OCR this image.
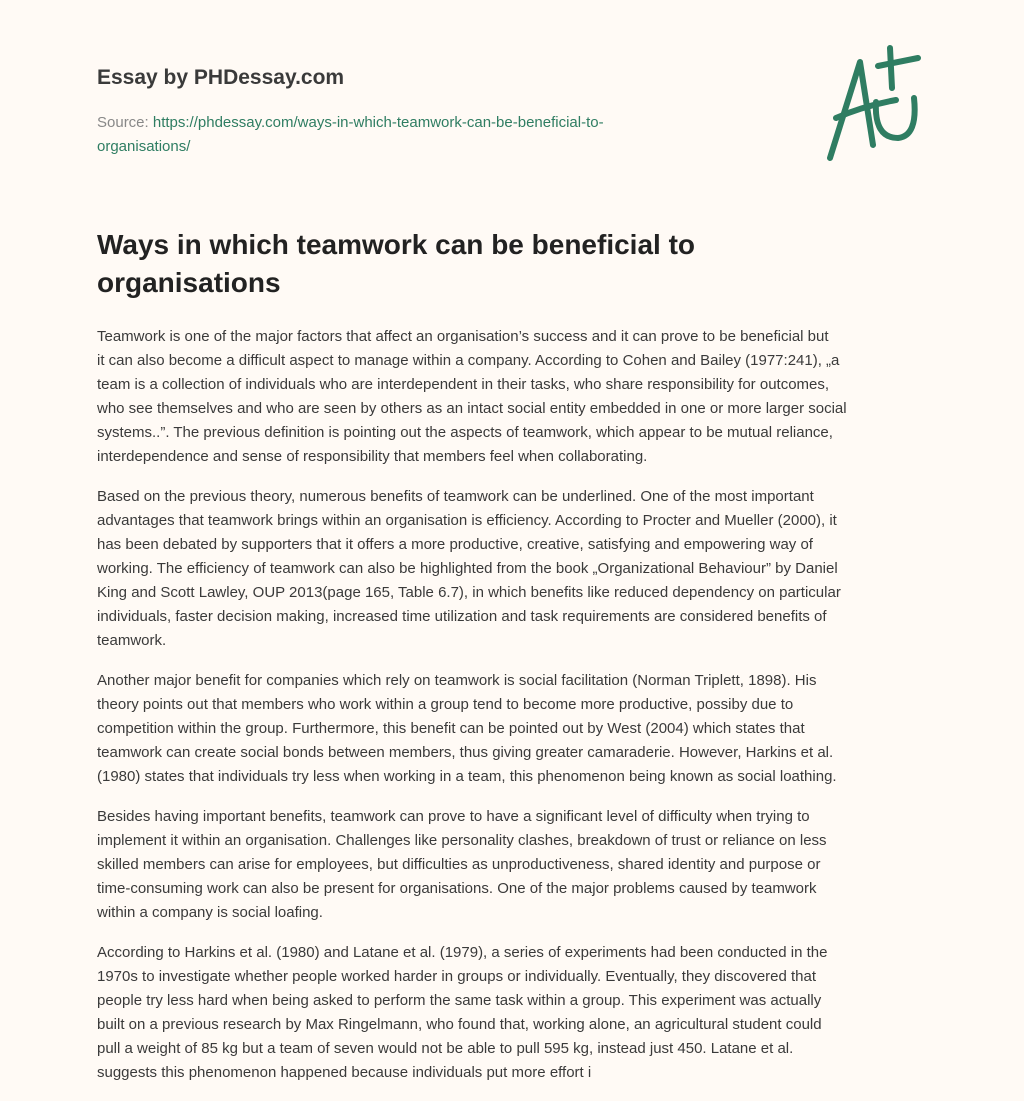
Essay by PHDessay.com
Source: https://phdessay.com/ways-in-which-teamwork-can-be-beneficial-to-
organisations/
Ways in which teamwork can be beneficial to
organisations

Teamwork is one of the major factors that affect an organisation’s success and it can prove to be beneficial but
it can also become a difficult aspect to manage within a company. According to Cohen and Bailey (1977:241), „a
team is a collection of individuals who are interdependent in their tasks, who share responsibility for outcomes,
who see themselves and who are seen by others as an intact social entity embedded in one or more larger social
systems..”. The previous definition is pointing out the aspects of teamwork, which appear to be mutual reliance,
interdependence and sense of responsibility that members feel when collaborating.

Based on the previous theory, numerous benefits of teamwork can be underlined. One of the most important
advantages that teamwork brings within an organisation is efficiency. According to Procter and Mueller (2000), it
has been debated by supporters that it offers a more productive, creative, satisfying and empowering way of
working. The efficiency of teamwork can also be highlighted from the book „Organizational Behaviour” by Daniel
King and Scott Lawley, OUP 2013(page 165, Table 6.7), in which benefits like reduced dependency on particular
individuals, faster decision making, increased time utilization and task requirements are considered benefits of
teamwork.

Another major benefit for companies which rely on teamwork is social facilitation (Norman Triplett, 1898). His
theory points out that members who work within a group tend to become more productive, possiby due to
competition within the group. Furthermore, this benefit can be pointed out by West (2004) which states that
teamwork can create social bonds between members, thus giving greater camaraderie. However, Harkins et al.
(1980) states that individuals try less when working in a team, this phenomenon being known as social loathing.

Besides having important benefits, teamwork can prove to have a significant level of difficulty when trying to
implement it within an organisation. Challenges like personality clashes, breakdown of trust or reliance on less
skilled members can arise for employees, but difficulties as unproductiveness, shared identity and purpose or
time-consuming work can also be present for organisations. One of the major problems caused by teamwork
within a company is social loafing.

According to Harkins et al. (1980) and Latane et al. (1979), a series of experiments had been conducted in the
1970s to investigate whether people worked harder in groups or individually. Eventually, they discovered that
people try less hard when being asked to perform the same task within a group. This experiment was actually
built on a previous research by Max Ringelmann, who found that, working alone, an agricultural student could
pull a weight of 85 kg but a team of seven would not be able to pull 595 kg, instead just 450. Latane et al.
suggests this phenomenon happened because individuals put more effort i
